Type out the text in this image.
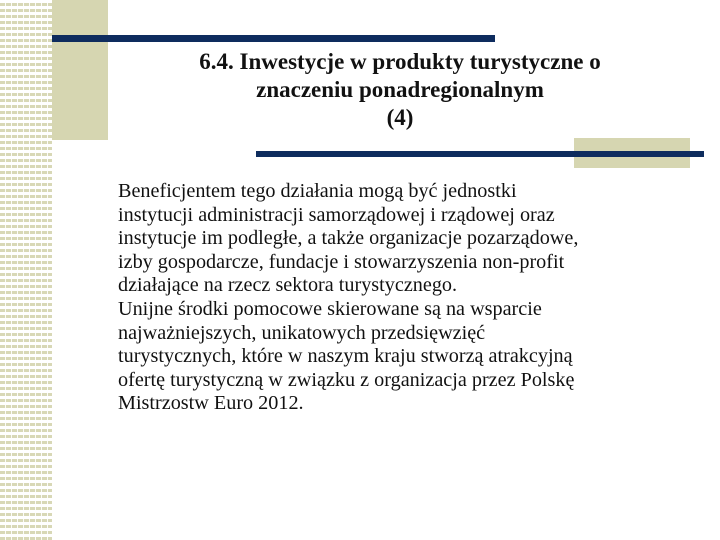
6.4. Inwestycje w produkty turystyczne o
znaczeniu ponadregionalnym
(4)

Beneficjentem tego działania mogą być jednostki
instytucji administracji samorządowej i rządowej oraz
instytucje im podległe, a także organizacje pozarządowe,
izby gospodarcze, fundacje i stowarzyszenia non-profit
działające na rzecz sektora turystycznego.

Unijne środki pomocowe skierowane są na wsparcie
najważniejszych, unikatowych przedsięwzięć
turystycznych, które w naszym kraju stworzą atrakcyjną
ofertę turystyczną w związku z organizacja przez Polskę
Mistrzostw Euro 2012.
